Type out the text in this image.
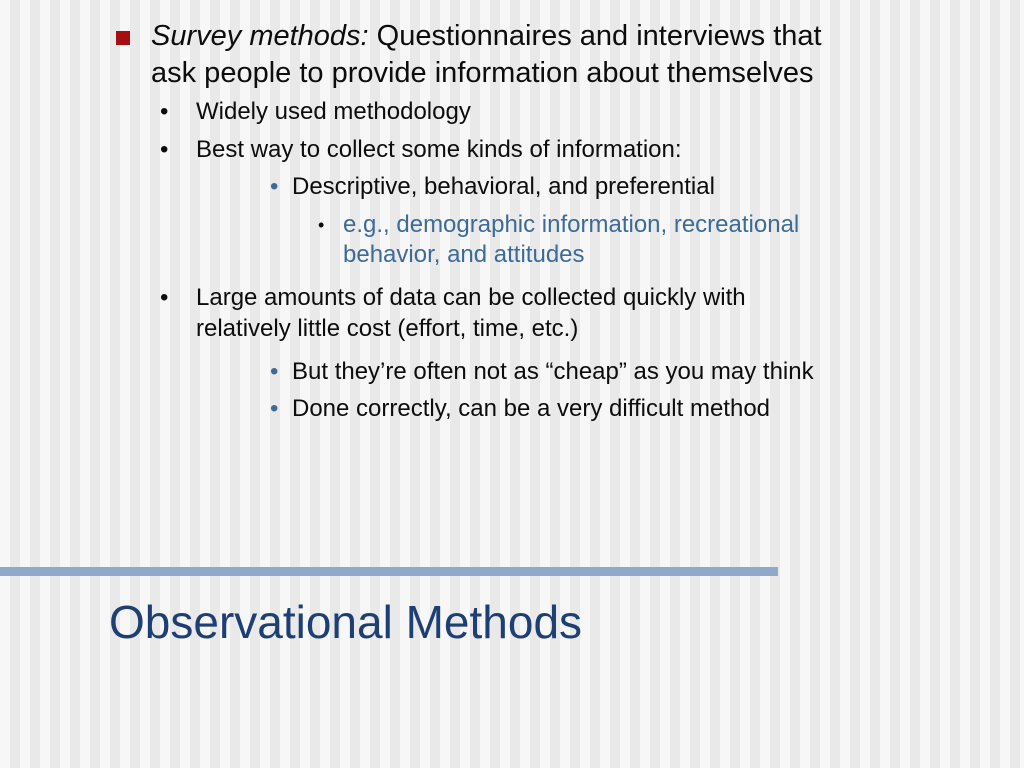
Survey methods: Questionnaires and interviews that
ask people to provide information about themselves
• Widely used methodology
• Best way to collect some kinds of information:
• Descriptive, behavioral, and preferential
• e.g., demographic information, recreational
behavior, and attitudes
• Large amounts of data can be collected quickly with
relatively little cost (effort, time, etc.)
• But they’re often not as “cheap” as you may think
• Done correctly, can be a very difficult method
Observational Methods
